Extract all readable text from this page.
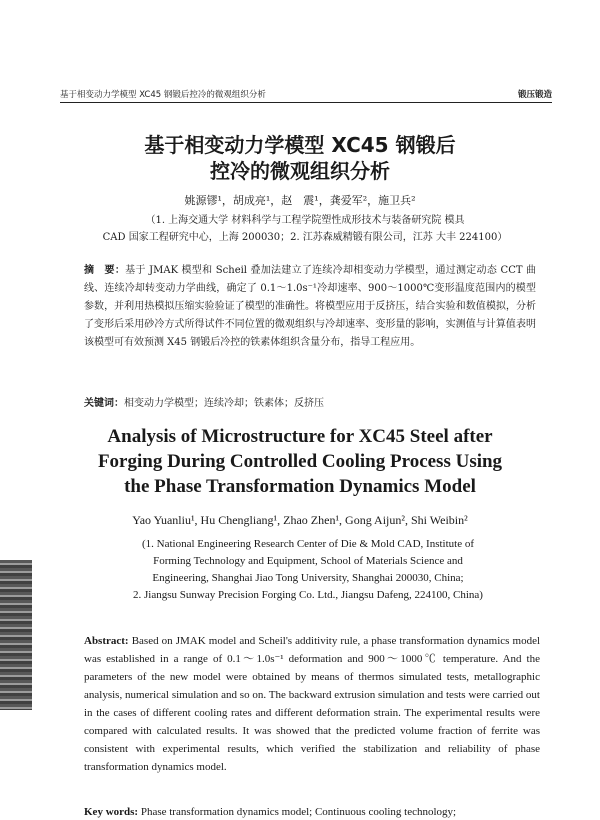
基于相变动力学模型 XC45 钢锻后控冷的微观组织分析	锻压锻造
基于相变动力学模型 XC45 钢锻后
控冷的微观组织分析
姚源镠¹，胡成亮¹，赵　震¹，龚爱军²，施卫兵²
（1. 上海交通大学 材料科学与工程学院塑性成形技术与装备研究院 模具
CAD 国家工程研究中心，上海 200030；2. 江苏森威精锻有限公司，江苏 大丰 224100）
摘　要：基于 JMAK 模型和 Scheil 叠加法建立了连续冷却相变动力学模型，通过测定动态 CCT 曲线、连续冷却转变动力学曲线，确定了 0.1～1.0s⁻¹冷却速率、900～1000℃变形温度范围内的模型参数，并利用热模拟压缩实验验证了模型的准确性。将模型应用于反挤压，结合实验和数值模拟，分析了变形后采用砂冷方式所得试件不同位置的微观组织与冷却速率、变形量的影响，实测值与计算值表明该模型可有效预测 X45 钢锻后冷控的铁素体组织含量分布，指导工程应用。
关键词：相变动力学模型；连续冷却；铁素体；反挤压
Analysis of Microstructure for XC45 Steel after
Forging During Controlled Cooling Process Using
the Phase Transformation Dynamics Model
Yao Yuanliu¹, Hu Chengliang¹, Zhao Zhen¹, Gong Aijun², Shi Weibin²
(1. National Engineering Research Center of Die & Mold CAD, Institute of
Forming Technology and Equipment, School of Materials Science and
Engineering, Shanghai Jiao Tong University, Shanghai 200030, China;
2. Jiangsu Sunway Precision Forging Co. Ltd., Jiangsu Dafeng, 224100, China)
Abstract: Based on JMAK model and Scheil's additivity rule, a phase transformation dynamics model was established in a range of 0.1～1.0s⁻¹ deformation and 900～1000℃ temperature. And the parameters of the new model were obtained by means of thermos simulated tests, metallographic analysis, numerical simulation and so on. The backward extrusion simulation and tests were carried out in the cases of different cooling rates and different deformation strain. The experimental results were compared with calculated results. It was showed that the predicted volume fraction of ferrite was consistent with experimental results, which verified the stabilization and reliability of phase transformation dynamics model.
Key words: Phase transformation dynamics model; Continuous cooling technology;
